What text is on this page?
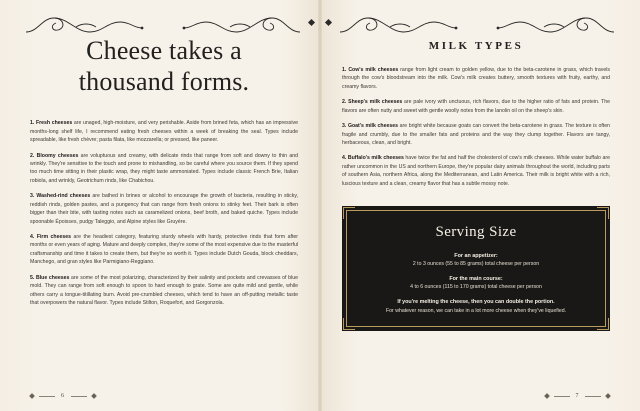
Cheese takes a thousand forms.

1. Fresh cheeses are unaged, high-moisture, and very perishable. Aside from brined feta, which has an impressive months-long shelf life, I recommend eating fresh cheeses within a week of breaking the seal. Types include spreadable, like fresh chèvre; pasta filata, like mozzarella; or pressed, like paneer.

2. Bloomy cheeses are voluptuous and creamy, with delicate rinds that range from soft and downy to thin and wrinkly. They're sensitive to the touch and prone to mishandling, so be careful where you source them. If they spend too much time sitting in their plastic wrap, they might taste ammoniated. Types include classic French Brie, Italian robiola, and wrinkly, Geotrichum rinds, like Chabichou.

3. Washed-rind cheeses are bathed in brines or alcohol to encourage the growth of bacteria, resulting in sticky, reddish rinds, golden pastes, and a pungency that can range from fresh onions to stinky feet. Their bark is often bigger than their bite, with tasting notes such as caramelized onions, beef broth, and baked quiche. Types include spoonable Époisses, pudgy Taleggio, and Alpine styles like Gruyère.

4. Firm cheeses are the headiest category, featuring sturdy wheels with hardy, protective rinds that form after months or even years of aging. Mature and deeply complex, they're some of the most expensive due to the masterful craftsmanship and time it takes to create them, but they're so worth it. Types include Dutch Gouda, block cheddars, Manchego, and gran styles like Parmigiano-Reggiano.

5. Blue cheeses are some of the most polarizing, characterized by their salinity and pockets and crevasses of blue mold. They can range from soft enough to spoon to hard enough to grate. Some are quite mild and gentle, while others carry a tongue-titillating burn. Avoid pre-crumbled cheeses, which tend to have an off-putting metallic taste that overpowers the natural flavor. Types include Stilton, Roquefort, and Gorgonzola.

6
MILK TYPES

1. Cow's milk cheeses range from light cream to golden yellow, due to the beta-carotene in grass, which travels through the cow's bloodstream into the milk. Cow's milk creates buttery, smooth textures with fruity, earthy, and creamy flavors.

2. Sheep's milk cheeses are pale ivory with unctuous, rich flavors, due to the higher ratio of fats and protein. The flavors are often nutty and sweet with gentle woolly notes from the lanolin oil on the sheep's skin.

3. Goat's milk cheeses are bright white because goats can convert the beta-carotene in grass. The texture is often fragile and crumbly, due to the smaller fats and proteins and the way they clump together. Flavors are tangy, herbaceous, clean, and bright.

4. Buffalo's milk cheeses have twice the fat and half the cholesterol of cow's milk cheeses. While water buffalo are rather uncommon in the US and northern Europe, they're popular dairy animals throughout the world, including parts of southern Asia, northern Africa, along the Mediterranean, and Latin America. Their milk is bright white with a rich, luscious texture and a clean, creamy flavor that has a subtle mossy note.

Serving Size
For an appetizer:
2 to 3 ounces (55 to 85 grams) total cheese per person
For the main course:
4 to 6 ounces (115 to 170 grams) total cheese per person
If you're melting the cheese, then you can double the portion.
For whatever reason, we can take in a lot more cheese when they've liquefied.
7
